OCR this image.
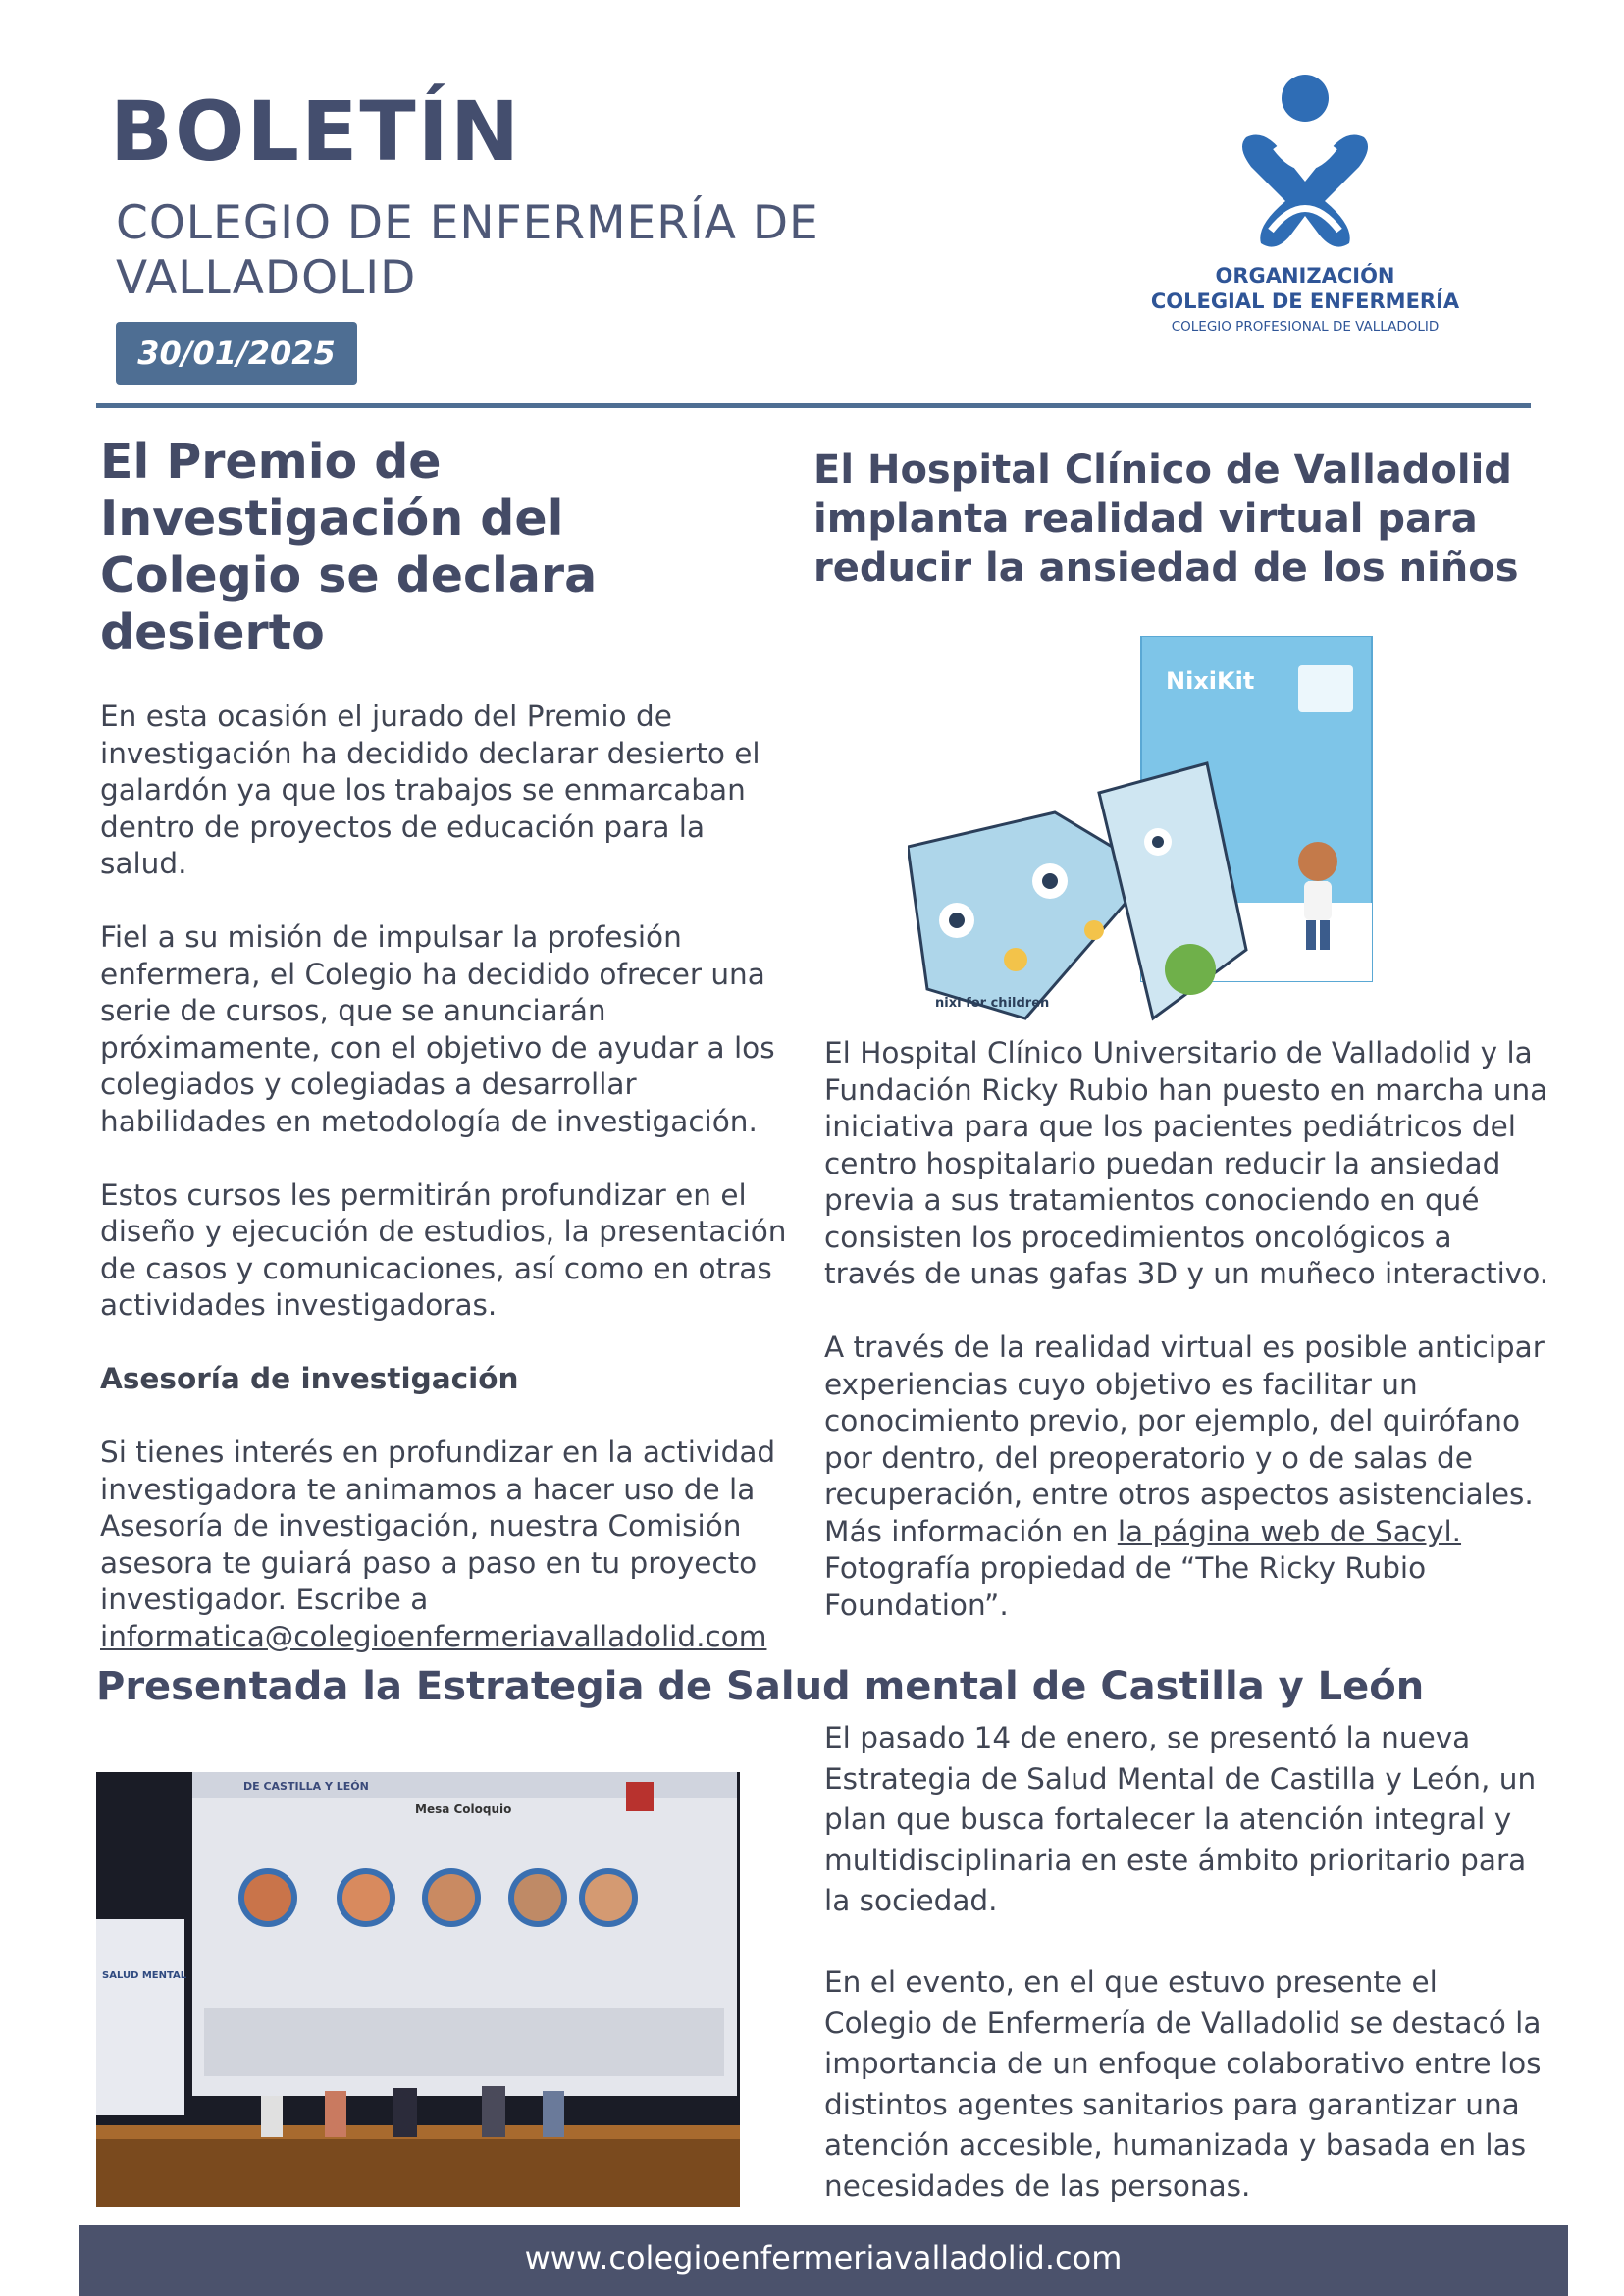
BOLETÍN
COLEGIO DE ENFERMERÍA DE VALLADOLID
30/01/2025
ORGANIZACIÓN
COLEGIAL DE ENFERMERÍA
COLEGIO PROFESIONAL DE VALLADOLID
El Premio de Investigación del Colegio se declara desierto

En esta ocasión el jurado del Premio de investigación ha decidido declarar desierto el galardón ya que los trabajos se enmarcaban dentro de proyectos de educación para la salud.

Fiel a su misión de impulsar la profesión enfermera, el Colegio ha decidido ofrecer una serie de cursos, que se anunciarán próximamente, con el objetivo de ayudar a los colegiados y colegiadas a desarrollar habilidades en metodología de investigación.

Estos cursos les permitirán profundizar en el diseño y ejecución de estudios, la presentación de casos y comunicaciones, así como en otras actividades investigadoras.

Asesoría de investigación

Si tienes interés en profundizar en la actividad investigadora te animamos a hacer uso de la Asesoría de investigación, nuestra Comisión asesora te guiará paso a paso en tu proyecto investigador. Escribe a informatica@colegioenfermeriavalladolid.com

El Hospital Clínico de Valladolid implanta realidad virtual para reducir la ansiedad de los niños
NixiKit
nixi for children

El Hospital Clínico Universitario de Valladolid y la Fundación Ricky Rubio han puesto en marcha una iniciativa para que los pacientes pediátricos del centro hospitalario puedan reducir la ansiedad previa a sus tratamientos conociendo en qué consisten los procedimientos oncológicos a través de unas gafas 3D y un muñeco interactivo.

A través de la realidad virtual es posible anticipar experiencias cuyo objetivo es facilitar un conocimiento previo, por ejemplo, del quirófano por dentro, del preoperatorio y o de salas de recuperación, entre otros aspectos asistenciales. Más información en la página web de Sacyl. Fotografía propiedad de “The Ricky Rubio Foundation”.

Presentada la Estrategia de Salud mental de Castilla y León
DE CASTILLA Y LEÓN
Mesa Coloquio
SALUD MENTAL

El pasado 14 de enero, se presentó la nueva Estrategia de Salud Mental de Castilla y León, un plan que busca fortalecer la atención integral y multidisciplinaria en este ámbito prioritario para la sociedad.

En el evento, en el que estuvo presente el Colegio de Enfermería de Valladolid se destacó la importancia de un enfoque colaborativo entre los distintos agentes sanitarios para garantizar una atención accesible, humanizada y basada en las necesidades de las personas.

www.colegioenfermeriavalladolid.com
